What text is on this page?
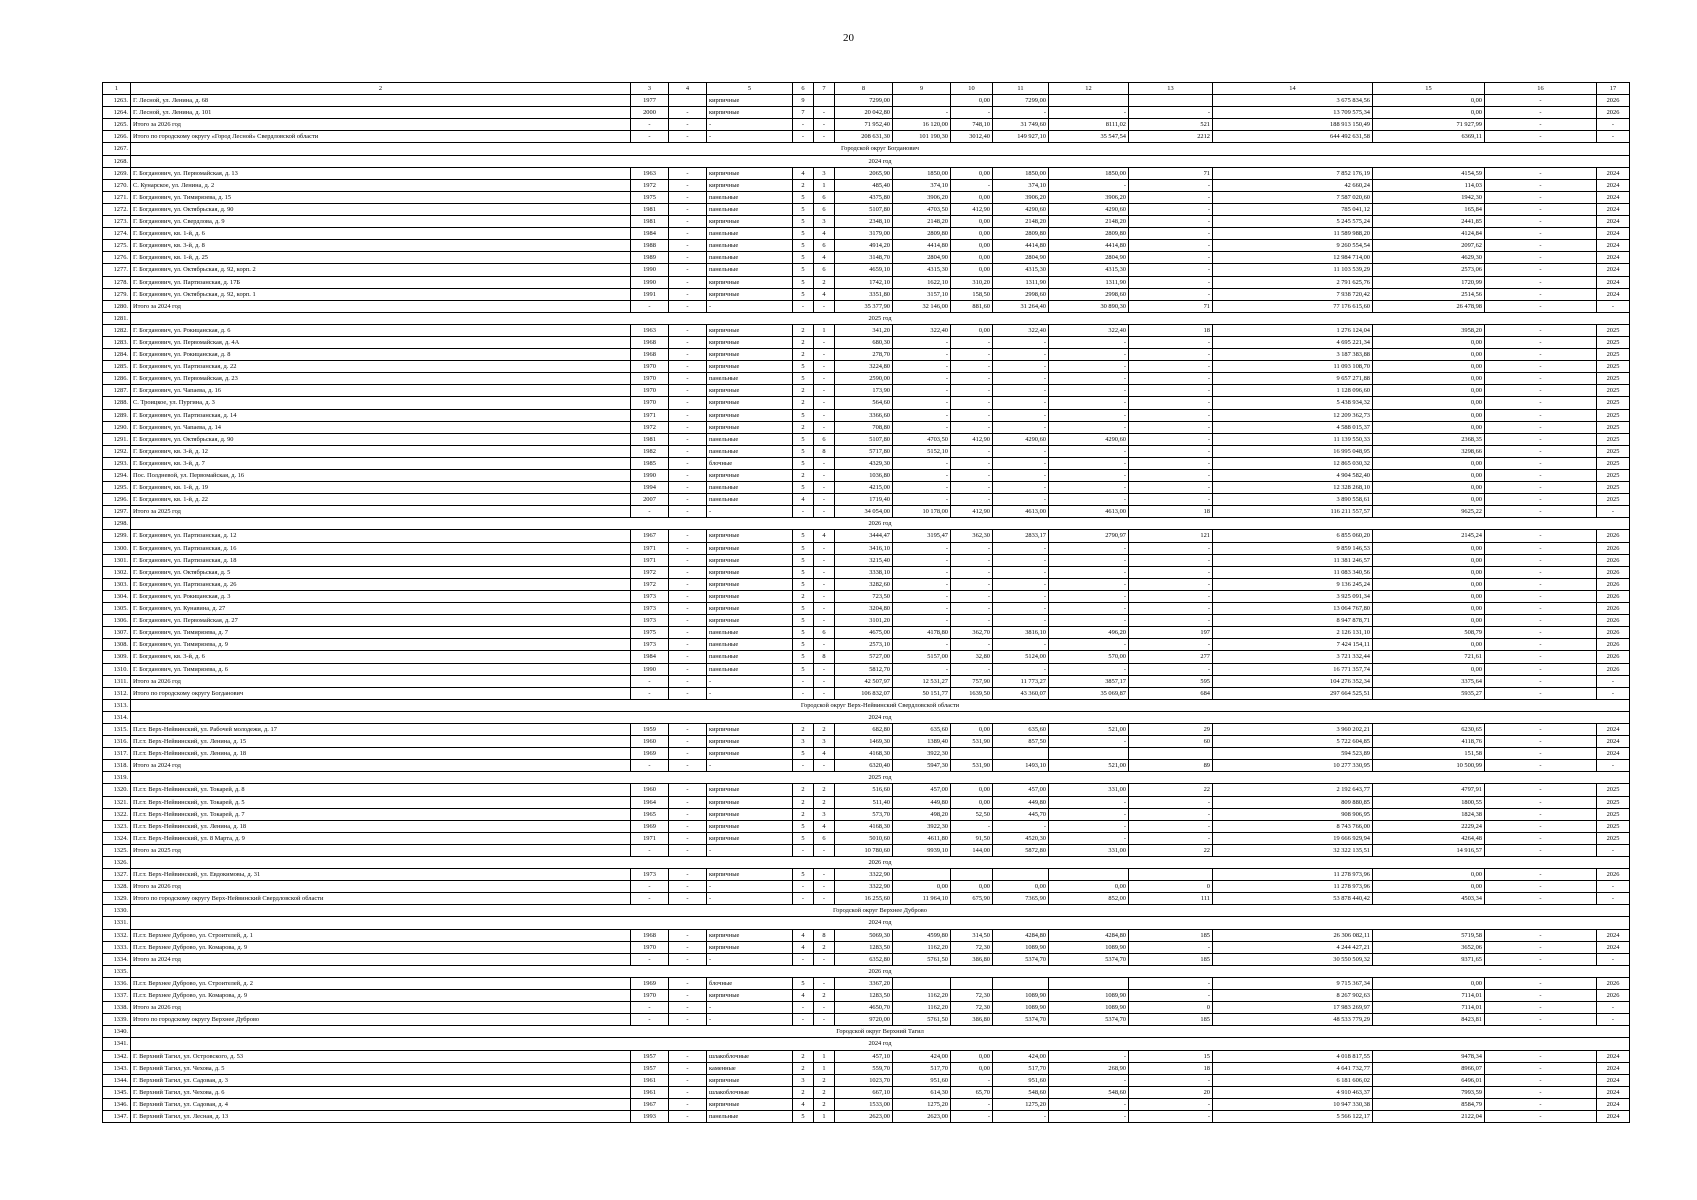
20
1	2	3	4	5	6	7	8	9	10	11	12	13	14	15	16	17
1263.	Г. Лесной, ул. Ленина, д. 68	1977		кирпичные	9		7299,00		0,00	7299,00			3 675 834,56	0,00	-	2026
1264.	Г. Лесной, ул. Ленина, д. 101	2000	-	кирпичные	7	-	20 042,80	-	-	-	-	-	13 709 575,34	0,00	-	2026
1265.	Итого за 2026 год	-	-	-	-	-	71 952,40	16 120,00	748,10	31 749,60	8111,02	521	188 913 150,49	71 927,99	-	-
1266.	Итого по городскому округу «Город Лесной» Свердловской области	-	-	-	-	-	208 631,30	101 190,30	3012,40	149 927,10	35 547,54	2212	644 492 631,58	6369,11	-	-
1267.	Городской округ Богданович															
1268.	2024 год															
1269.	Г. Богданович, ул. Первомайская, д. 13	1963	-	кирпичные	4	3	2065,90	1850,00	0,00	1850,00	1850,00	71	7 852 176,19	4154,59	-	2024
1270.	С. Кунарское, ул. Ленина, д. 2	1972	-	кирпичные	2	1	485,40	374,10	-	374,10	-	-	42 660,24	114,03	-	2024
1271.	Г. Богданович, ул. Тимирязева, д. 15	1975	-	панельные	5	6	4375,80	3906,20	0,00	3906,20	3906,20	-	7 587 020,60	1942,30	-	2024
1272.	Г. Богданович, ул. Октябрьская, д. 90	1981	-	панельные	5	6	5107,80	4703,50	412,90	4290,60	4290,60	-	785 041,12	165,84	-	2024
1273.	Г. Богданович, ул. Свердлова, д. 9	1981	-	кирпичные	5	3	2348,10	2148,20	0,00	2148,20	2148,20	-	5 245 575,24	2441,85	-	2024
1274.	Г. Богданович, кв. 1-й, д. 6	1984	-	панельные	5	4	3179,00	2809,80	0,00	2809,80	2809,80	-	11 589 988,20	4124,84	-	2024
1275.	Г. Богданович, кв. 3-й, д. 8	1988	-	панельные	5	6	4914,20	4414,80	0,00	4414,80	4414,80	-	9 260 554,54	2097,62	-	2024
1276.	Г. Богданович, кв. 1-й, д. 25	1989	-	панельные	5	4	3148,70	2804,90	0,00	2804,90	2804,90	-	12 984 714,00	4629,30	-	2024
1277.	Г. Богданович, ул. Октябрьская, д. 92, корп. 2	1990	-	панельные	5	6	4659,10	4315,30	0,00	4315,30	4315,30	-	11 103 539,29	2573,06	-	2024
1278.	Г. Богданович, ул. Партизанская, д. 17Б	1990	-	кирпичные	5	2	1742,10	1622,10	310,20	1311,90	1311,90	-	2 791 625,76	1720,99	-	2024
1279.	Г. Богданович, ул. Октябрьская, д. 92, корп. 1	1991	-	кирпичные	5	4	3351,80	3157,10	158,50	2998,60	2998,60	-	7 938 720,42	2514,56	-	2024
1280.	Итого за 2024 год	-	-	-	-	-	35 377,90	32 146,00	881,60	31 264,40	30 890,30	71	77 176 615,60	26 478,98	-	-
1281.	2025 год															
1282.	Г. Богданович, ул. Рокицанская, д. 6	1963	-	кирпичные	2	1	341,20	322,40	0,00	322,40	322,40	18	1 276 124,04	3958,20	-	2025
1283.	Г. Богданович, ул. Первомайская, д. 4А	1968	-	кирпичные	2	-	680,30	-	-	-	-	-	4 695 221,34	0,00	-	2025
1284.	Г. Богданович, ул. Рокицанская, д. 8	1968	-	кирпичные	2	-	278,70	-	-	-	-	-	3 187 383,88	0,00	-	2025
1285.	Г. Богданович, ул. Партизанская, д. 22	1970	-	кирпичные	5	-	3224,80	-	-	-	-	-	11 093 108,70	0,00	-	2025
1286.	Г. Богданович, ул. Первомайская, д. 23	1970	-	панельные	5	-	2590,00	-	-	-	-	-	9 657 271,88	0,00	-	2025
1287.	Г. Богданович, ул. Чапаева, д. 16	1970	-	кирпичные	2	-	173,90	-	-	-	-	-	1 128 096,60	0,00	-	2025
1288.	С. Троицкое, ул. Пургина, д. 3	1970	-	кирпичные	2	-	564,60	-	-	-	-	-	5 438 934,32	0,00	-	2025
1289.	Г. Богданович, ул. Партизанская, д. 14	1971	-	кирпичные	5	-	3366,60	-	-	-	-	-	12 209 362,73	0,00	-	2025
1290.	Г. Богданович, ул. Чапаева, д. 14	1972	-	кирпичные	2	-	708,80	-	-	-	-	-	4 588 015,37	0,00	-	2025
1291.	Г. Богданович, ул. Октябрьская, д. 90	1981	-	панельные	5	6	5107,80	4703,50	412,90	4290,60	4290,60	-	11 139 550,33	2368,35	-	2025
1292.	Г. Богданович, кв. 3-й, д. 12	1982	-	панельные	5	8	5717,80	5152,10	-	-	-	-	16 995 048,95	3298,66	-	2025
1293.	Г. Богданович, кв. 3-й, д. 7	1985	-	блочные	5	-	4329,30	-	-	-	-	-	12 865 030,32	0,00	-	2025
1294.	Пос. Полдневой, ул. Первомайская, д. 16	1990	-	кирпичные	2	-	1036,80	-	-	-	-	-	4 904 582,40	0,00	-	2025
1295.	Г. Богданович, кв. 1-й, д. 19	1994	-	панельные	5	-	4215,00	-	-	-	-	-	12 328 268,10	0,00	-	2025
1296.	Г. Богданович, кв. 1-й, д. 22	2007	-	панельные	4	-	1719,40	-	-	-	-	-	3 890 558,61	0,00	-	2025
1297.	Итого за 2025 год	-	-	-	-	-	34 054,00	10 178,00	412,90	4613,00	4613,00	18	116 211 557,57	9625,22	-	-
1298.	2026 год															
1299.	Г. Богданович, ул. Партизанская, д. 12	1967	-	кирпичные	5	4	3444,47	3195,47	362,30	2833,17	2790,97	121	6 855 060,20	2145,24	-	2026
1300.	Г. Богданович, ул. Партизанская, д. 16	1971	-	кирпичные	5	-	3416,10	-	-	-	-	-	9 859 146,53	0,00	-	2026
1301.	Г. Богданович, ул. Партизанская, д. 18	1971	-	кирпичные	5	-	3215,40	-	-	-	-	-	11 381 246,57	0,00	-	2026
1302.	Г. Богданович, ул. Октябрьская, д. 5	1972	-	кирпичные	5	-	3338,10	-	-	-	-	-	11 083 340,56	0,00	-	2026
1303.	Г. Богданович, ул. Партизанская, д. 26	1972	-	кирпичные	5	-	3282,60	-	-	-	-	-	9 136 245,24	0,00	-	2026
1304.	Г. Богданович, ул. Рокицанская, д. 3	1973	-	кирпичные	2	-	723,50	-	-	-	-	-	3 925 091,34	0,00	-	2026
1305.	Г. Богданович, ул. Кунавина, д. 27	1973	-	кирпичные	5	-	3204,80	-	-	-	-	-	13 064 767,80	0,00	-	2026
1306.	Г. Богданович, ул. Первомайская, д. 27	1973	-	кирпичные	5	-	3101,20	-	-	-	-	-	8 947 878,71	0,00	-	2026
1307.	Г. Богданович, ул. Тимирязева, д. 7	1975	-	панельные	5	6	4675,00	4178,80	362,70	3816,10	496,20	197	2 126 131,10	508,79	-	2026
1308.	Г. Богданович, ул. Тимирязева, д. 9	1973	-	панельные	5	-	2573,10	-	-	-	-	-	7 424 154,11	0,00	-	2026
1309.	Г. Богданович, кв. 3-й, д. 6	1984	-	панельные	5	8	5727,00	5157,00	32,80	5124,00	570,00	277	3 721 332,44	721,61	-	2026
1310.	Г. Богданович, ул. Тимирязева, д. 6	1990	-	панельные	5	-	5812,70	-	-	-	-	-	16 771 357,74	0,00	-	2026
1311.	Итого за 2026 год	-	-	-	-	-	42 507,97	12 531,27	757,90	11 773,27	3857,17	595	104 276 352,34	3375,64	-	-
1312.	Итого по городскому округу Богданович	-	-	-	-	-	106 832,07	50 151,77	1639,50	43 360,07	35 069,87	684	297 664 525,51	5935,27	-	-
1313.	Городской округ Верх-Нейвинский Свердловской области															
1314.	2024 год															
1315.	П.г.т. Верх-Нейвинский, ул. Рабочей молодежи, д. 17	1959	-	кирпичные	2	2	682,80	635,60	0,00	635,60	521,00	29	3 960 202,21	6230,65	-	2024
1316.	П.г.т. Верх-Нейвинский, ул. Ленина, д. 15	1960	-	кирпичные	3	3	1469,30	1389,40	531,90	857,50	-	60	5 722 604,85	4118,76	-	2024
1317.	П.г.т. Верх-Нейвинский, ул. Ленина, д. 18	1969	-	кирпичные	5	4	4168,30	3922,30					594 523,89	151,58	-	2024
1318.	Итого за 2024 год	-	-	-	-	-	6320,40	5947,30	531,90	1493,10	521,00	89	10 277 330,95	10 500,99	-	-
1319.	2025 год															
1320.	П.г.т. Верх-Нейвинский, ул. Токарей, д. 8	1960	-	кирпичные	2	2	516,60	457,00	0,00	457,00	331,00	22	2 192 643,77	4797,91	-	2025
1321.	П.г.т. Верх-Нейвинский, ул. Токарей, д. 5	1964	-	кирпичные	2	2	511,40	449,80	0,00	449,80	-	-	809 880,85	1800,55	-	2025
1322.	П.г.т. Верх-Нейвинский, ул. Токарей, д. 7	1965	-	кирпичные	2	3	573,70	498,20	52,50	445,70	-	-	908 906,95	1824,38	-	2025
1323.	П.г.т. Верх-Нейвинский, ул. Ленина, д. 18	1969	-	кирпичные	5	4	4168,30	3922,30	-	-	-	-	8 743 766,00	2229,24	-	2025
1324.	П.г.т. Верх-Нейвинский, ул. 8 Марта, д. 9	1971	-	кирпичные	5	6	5010,60	4611,80	91,50	4520,30	-	-	19 666 929,94	4264,48	-	2025
1325.	Итого за 2025 год	-	-	-	-	-	10 780,60	9939,10	144,00	5872,80	331,00	22	32 322 135,51	14 916,57	-	-
1326.	2026 год															
1327.	П.г.т. Верх-Нейвинский, ул. Евдокимовы, д. 31	1973	-	кирпичные	5	-	3322,90						11 278 973,96	0,00	-	2026
1328.	Итого за 2026 год	-	-	-	-	-	3322,90	0,00	0,00	0,00	0,00	0	11 278 973,96	0,00	-	-
1329.	Итого по городскому округу Верх-Нейвинский Свердловской области	-	-	-	-	-	16 255,60	11 964,10	675,90	7365,90	852,00	111	53 878 440,42	4503,34	-	-
1330.	Городской округ Верхнее Дуброво															
1331.	2024 год															
1332.	П.г.т. Верхнее Дуброво, ул. Строителей, д. 1	1968	-	кирпичные	4	8	5069,30	4599,80	314,50	4284,80	4284,80	185	26 306 082,11	5719,58	-	2024
1333.	П.г.т. Верхнее Дуброво, ул. Комарова, д. 9	1970	-	кирпичные	4	2	1283,50	1162,20	72,30	1089,90	1089,90	-	4 244 427,21	3652,06	-	2024
1334.	Итого за 2024 год	-	-	-	-	-	6352,80	5761,50	386,80	5374,70	5374,70	185	30 550 509,32	9371,65	-	-
1335.	2026 год															
1336.	П.г.т. Верхнее Дуброво, ул. Строителей, д. 2	1969	-	блочные	5	-	3367,20					-	9 715 367,34	0,00	-	2026
1337.	П.г.т. Верхнее Дуброво, ул. Комарова, д. 9	1970	-	кирпичные	4	2	1283,50	1162,20	72,30	1089,90	1089,90	-	8 267 902,63	7114,01	-	2026
1338.	Итого за 2026 год	-	-	-	-	-	4650,70	1162,20	72,30	1089,90	1089,90	0	17 983 269,97	7114,01	-	-
1339.	Итого по городскому округу Верхнее Дуброво	-	-	-	-	-	9720,00	5761,50	386,80	5374,70	5374,70	185	48 533 779,29	8423,81	-	-
1340.	Городской округ Верхний Тагил															
1341.	2024 год															
1342.	Г. Верхний Тагил, ул. Островского, д. 53	1957	-	шлакоблочные	2	1	457,10	424,00	0,00	424,00	-	15	4 018 817,55	9478,34	-	2024
1343.	Г. Верхний Тагил, ул. Чехова, д. 5	1957	-	каменные	2	1	559,70	517,70	0,00	517,70	268,90	18	4 641 732,77	8966,07	-	2024
1344.	Г. Верхний Тагил, ул. Садовая, д. 3	1961	-	кирпичные	3	2	1023,70	951,60	-	951,60	-	-	6 181 606,02	6496,01	-	2024
1345.	Г. Верхний Тагил, ул. Чехова, д. 6	1961	-	шлакоблочные	2	2	667,10	614,30	65,70	548,60	548,60	20	4 910 463,37	7993,59	-	2024
1346.	Г. Верхний Тагил, ул. Садовая, д. 4	1967	-	кирпичные	4	2	1533,00	1275,20	-	1275,20	-	-	10 947 330,38	8584,79	-	2024
1347.	Г. Верхний Тагил, ул. Лесная, д. 13	1993	-	панельные	5	1	2623,00	2623,00	-	-	-	-	5 566 122,17	2122,04	-	2024
